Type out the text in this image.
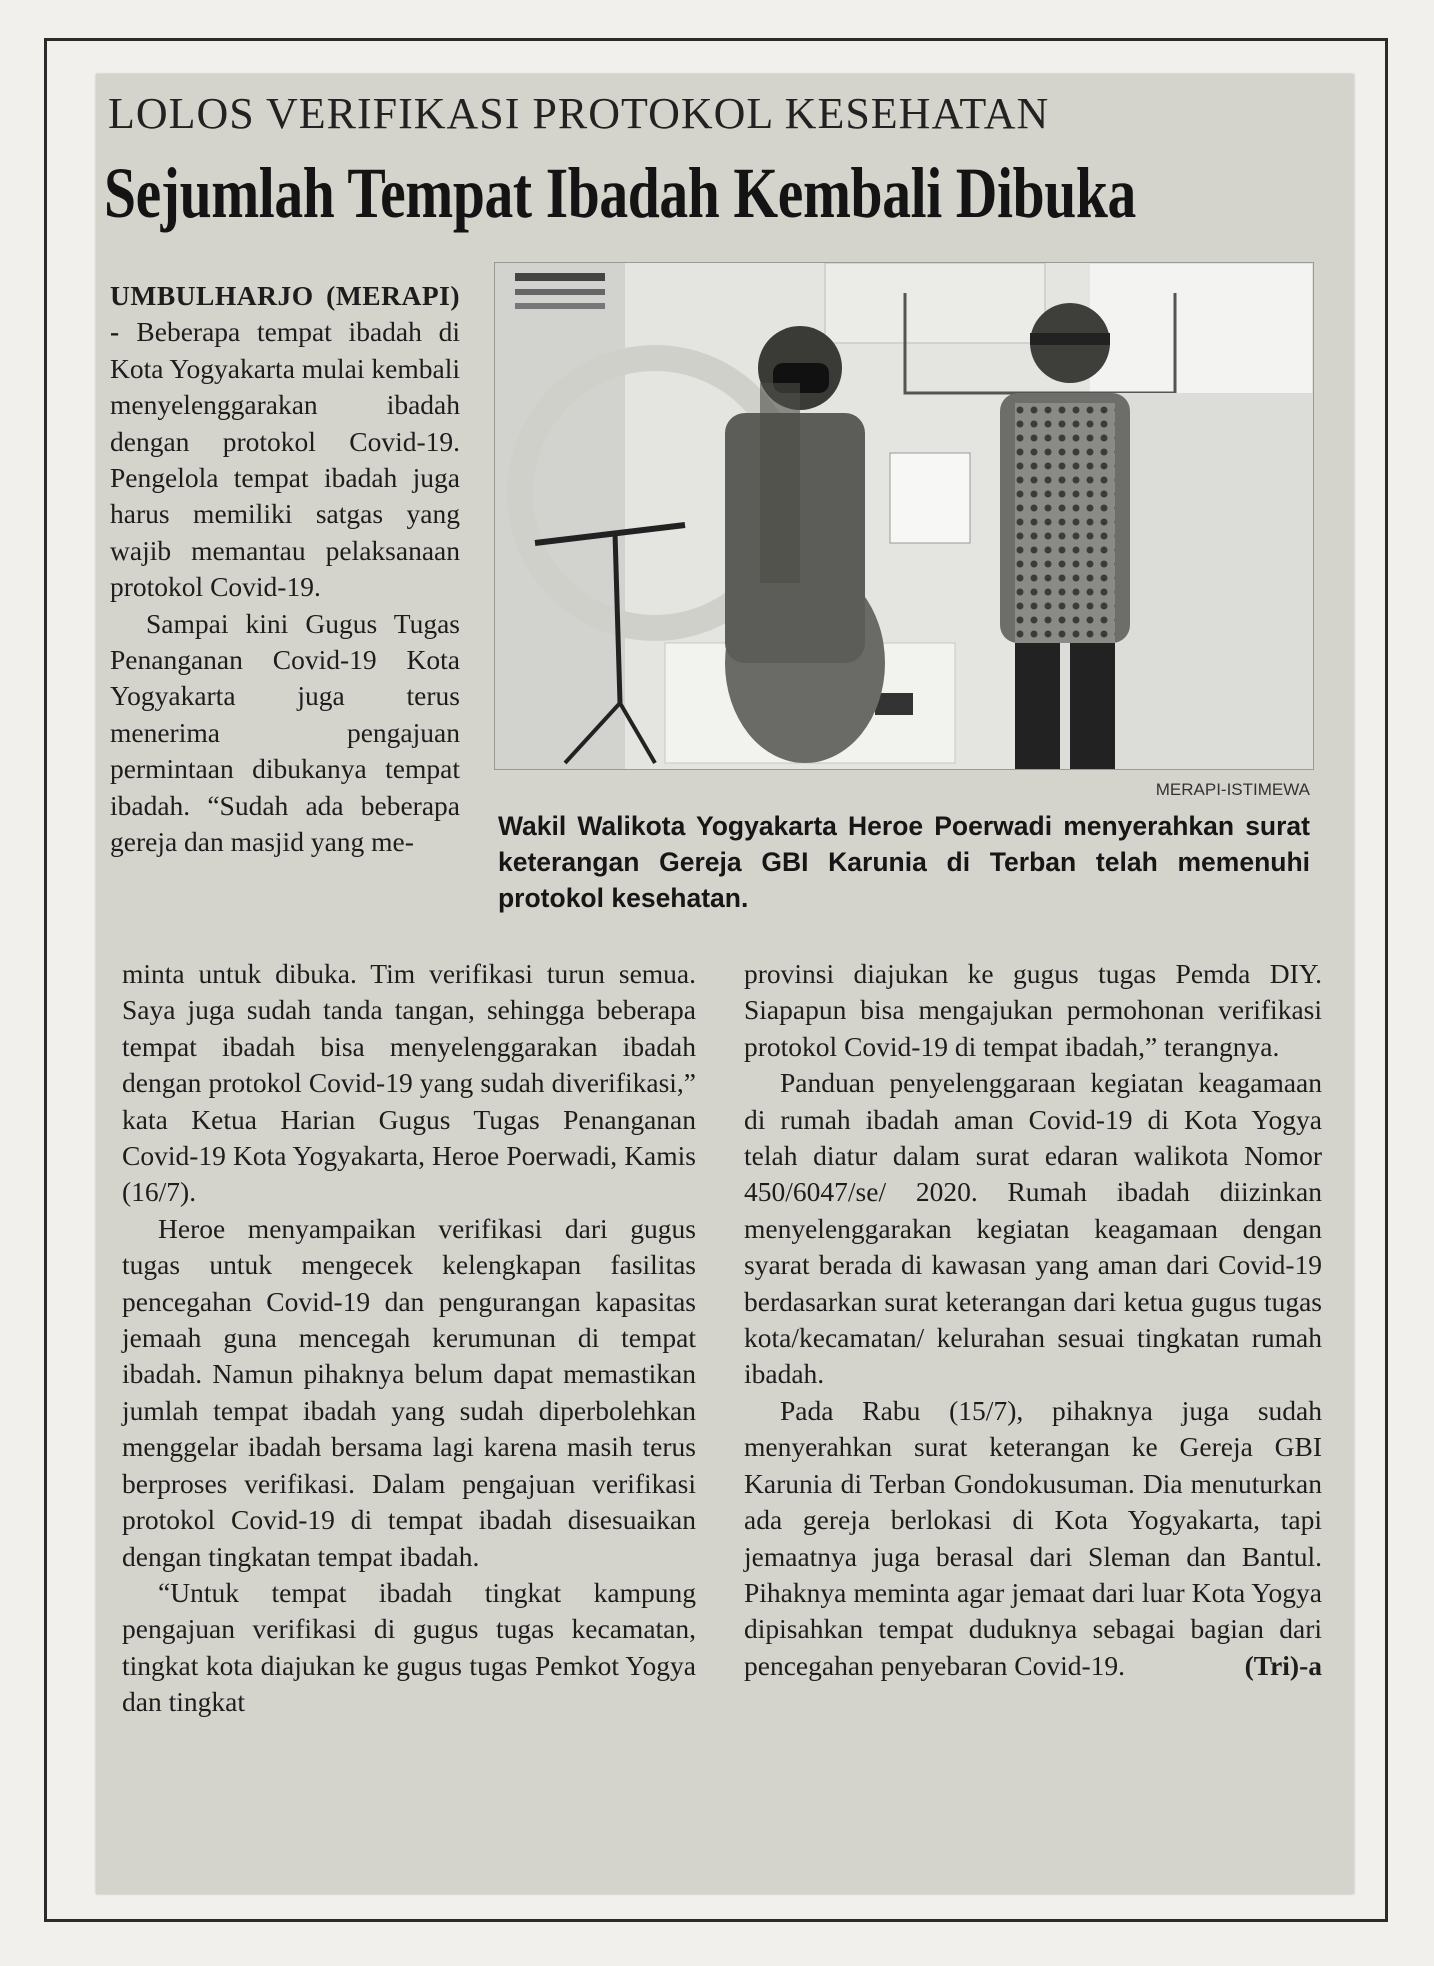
LOLOS VERIFIKASI PROTOKOL KESEHATAN
Sejumlah Tempat Ibadah Kembali Dibuka

UMBULHARJO (MERAPI) - Beberapa tempat ibadah di Kota Yogyakarta mulai kembali menyelenggarakan ibadah dengan protokol Covid-19. Pengelola tempat ibadah juga harus memiliki satgas yang wajib memantau pelaksanaan protokol Covid-19.

Sampai kini Gugus Tugas Penanganan Covid-19 Kota Yogyakarta juga terus menerima pengajuan permintaan dibukanya tempat ibadah. “Sudah ada beberapa gereja dan masjid yang me-

MERAPI-ISTIMEWA
Wakil Walikota Yogyakarta Heroe Poerwadi menyerahkan surat keterangan Gereja GBI Karunia di Terban telah memenuhi protokol kesehatan.

minta untuk dibuka. Tim verifikasi turun semua. Saya juga sudah tanda tangan, sehingga beberapa tempat ibadah bisa menyelenggarakan ibadah dengan protokol Covid-19 yang sudah diverifikasi,” kata Ketua Harian Gugus Tugas Penanganan Covid-19 Kota Yogyakarta, Heroe Poerwadi, Kamis (16/7).

Heroe menyampaikan verifikasi dari gugus tugas untuk mengecek kelengkapan fasilitas pencegahan Covid-19 dan pengurangan kapasitas jemaah guna mencegah kerumunan di tempat ibadah. Namun pihaknya belum dapat memastikan jumlah tempat ibadah yang sudah diperbolehkan menggelar ibadah bersama lagi karena masih terus berproses verifikasi. Dalam pengajuan verifikasi protokol Covid-19 di tempat ibadah disesuaikan dengan tingkatan tempat ibadah.

“Untuk tempat ibadah tingkat kampung pengajuan verifikasi di gugus tugas kecamatan, tingkat kota diajukan ke gugus tugas Pemkot Yogya dan tingkat

provinsi diajukan ke gugus tugas Pemda DIY. Siapapun bisa mengajukan permohonan verifikasi protokol Covid-19 di tempat ibadah,” terangnya.

Panduan penyelenggaraan kegiatan keagamaan di rumah ibadah aman Covid-19 di Kota Yogya telah diatur dalam surat edaran walikota Nomor 450/6047/se/ 2020. Rumah ibadah diizinkan menyelenggarakan kegiatan keagamaan dengan syarat berada di kawasan yang aman dari Covid-19 berdasarkan surat keterangan dari ketua gugus tugas kota/kecamatan/ kelurahan sesuai tingkatan rumah ibadah.

Pada Rabu (15/7), pihaknya juga sudah menyerahkan surat keterangan ke Gereja GBI Karunia di Terban Gondokusuman. Dia menuturkan ada gereja berlokasi di Kota Yogyakarta, tapi jemaatnya juga berasal dari Sleman dan Bantul. Pihaknya meminta agar jemaat dari luar Kota Yogya dipisahkan tempat duduknya sebagai bagian dari pencegahan penyebaran Covid-19.	(Tri)-a
